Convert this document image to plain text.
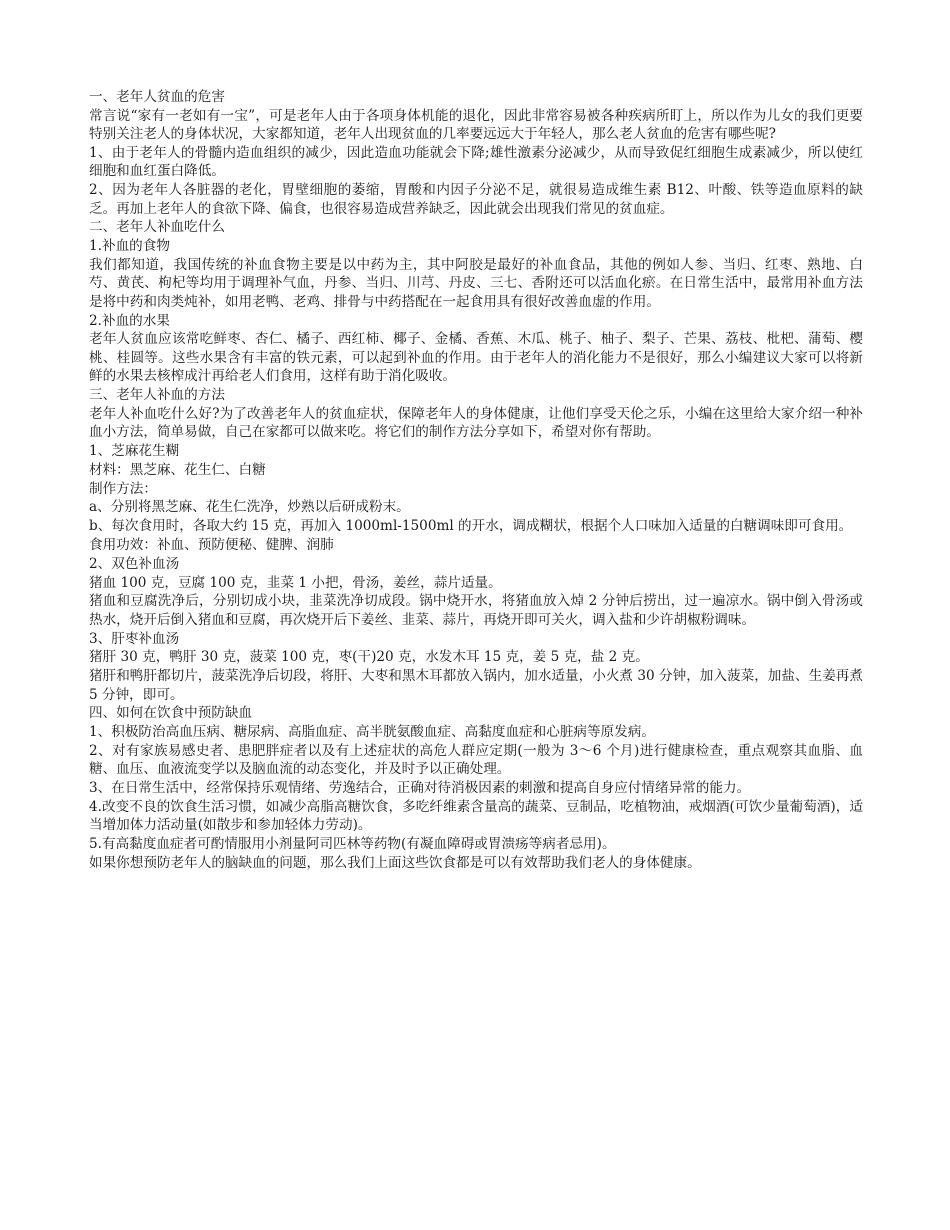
一、老年人贫血的危害

常言说“家有一老如有一宝”，可是老年人由于各项身体机能的退化，因此非常容易被各种疾病所盯上，所以作为儿女的我们更要特别关注老人的身体状况，大家都知道，老年人出现贫血的几率要远远大于年轻人，那么老人贫血的危害有哪些呢?

1、由于老年人的骨髓内造血组织的减少，因此造血功能就会下降;雄性激素分泌减少，从而导致促红细胞生成素减少，所以使红细胞和血红蛋白降低。

2、因为老年人各脏器的老化，胃壁细胞的萎缩，胃酸和内因子分泌不足，就很易造成维生素 B12、叶酸、铁等造血原料的缺乏。再加上老年人的食欲下降、偏食，也很容易造成营养缺乏，因此就会出现我们常见的贫血症。

二、老年人补血吃什么

1.补血的食物

我们都知道，我国传统的补血食物主要是以中药为主，其中阿胶是最好的补血食品，其他的例如人参、当归、红枣、熟地、白芍、黄芪、枸杞等均用于调理补气血，丹参、当归、川芎、丹皮、三七、香附还可以活血化瘀。在日常生活中，最常用补血方法是将中药和肉类炖补，如用老鸭、老鸡、排骨与中药搭配在一起食用具有很好改善血虚的作用。

2.补血的水果

老年人贫血应该常吃鲜枣、杏仁、橘子、西红柿、椰子、金橘、香蕉、木瓜、桃子、柚子、梨子、芒果、荔枝、枇杷、蒲萄、樱桃、桂圆等。这些水果含有丰富的铁元素，可以起到补血的作用。由于老年人的消化能力不是很好，那么小编建议大家可以将新鲜的水果去核榨成汁再给老人们食用，这样有助于消化吸收。

三、老年人补血的方法

老年人补血吃什么好?为了改善老年人的贫血症状，保障老年人的身体健康，让他们享受天伦之乐，小编在这里给大家介绍一种补血小方法，简单易做，自己在家都可以做来吃。将它们的制作方法分享如下，希望对你有帮助。

1、芝麻花生糊

材料：黑芝麻、花生仁、白糖

制作方法：

a、分别将黑芝麻、花生仁洗净，炒熟以后研成粉末。

b、每次食用时，各取大约 15 克，再加入 1000ml-1500ml 的开水，调成糊状，根据个人口味加入适量的白糖调味即可食用。

食用功效：补血、预防便秘、健脾、润肺

2、双色补血汤

猪血 100 克，豆腐 100 克，韭菜 1 小把，骨汤，姜丝，蒜片适量。

猪血和豆腐洗净后，分别切成小块，韭菜洗净切成段。锅中烧开水，将猪血放入焯 2 分钟后捞出，过一遍凉水。锅中倒入骨汤或热水，烧开后倒入猪血和豆腐，再次烧开后下姜丝、韭菜、蒜片，再烧开即可关火，调入盐和少许胡椒粉调味。

3、肝枣补血汤

猪肝 30 克，鸭肝 30 克，菠菜 100 克，枣(干)20 克，水发木耳 15 克，姜 5 克，盐 2 克。

猪肝和鸭肝都切片，菠菜洗净后切段，将肝、大枣和黑木耳都放入锅内，加水适量，小火煮 30 分钟，加入菠菜，加盐、生姜再煮 5 分钟，即可。

四、如何在饮食中预防缺血

1、积极防治高血压病、糖尿病、高脂血症、高半胱氨酸血症、高黏度血症和心脏病等原发病。

2、对有家族易感史者、患肥胖症者以及有上述症状的高危人群应定期(一般为 3～6 个月)进行健康检查，重点观察其血脂、血糖、血压、血液流变学以及脑血流的动态变化，并及时予以正确处理。

3、在日常生活中，经常保持乐观情绪、劳逸结合，正确对待消极因素的刺激和提高自身应付情绪异常的能力。

4.改变不良的饮食生活习惯，如减少高脂高糖饮食，多吃纤维素含量高的蔬菜、豆制品，吃植物油，戒烟酒(可饮少量葡萄酒)，适当增加体力活动量(如散步和参加轻体力劳动)。

5.有高黏度血症者可酌情服用小剂量阿司匹林等药物(有凝血障碍或胃溃疡等病者忌用)。

如果你想预防老年人的脑缺血的问题，那么我们上面这些饮食都是可以有效帮助我们老人的身体健康。
